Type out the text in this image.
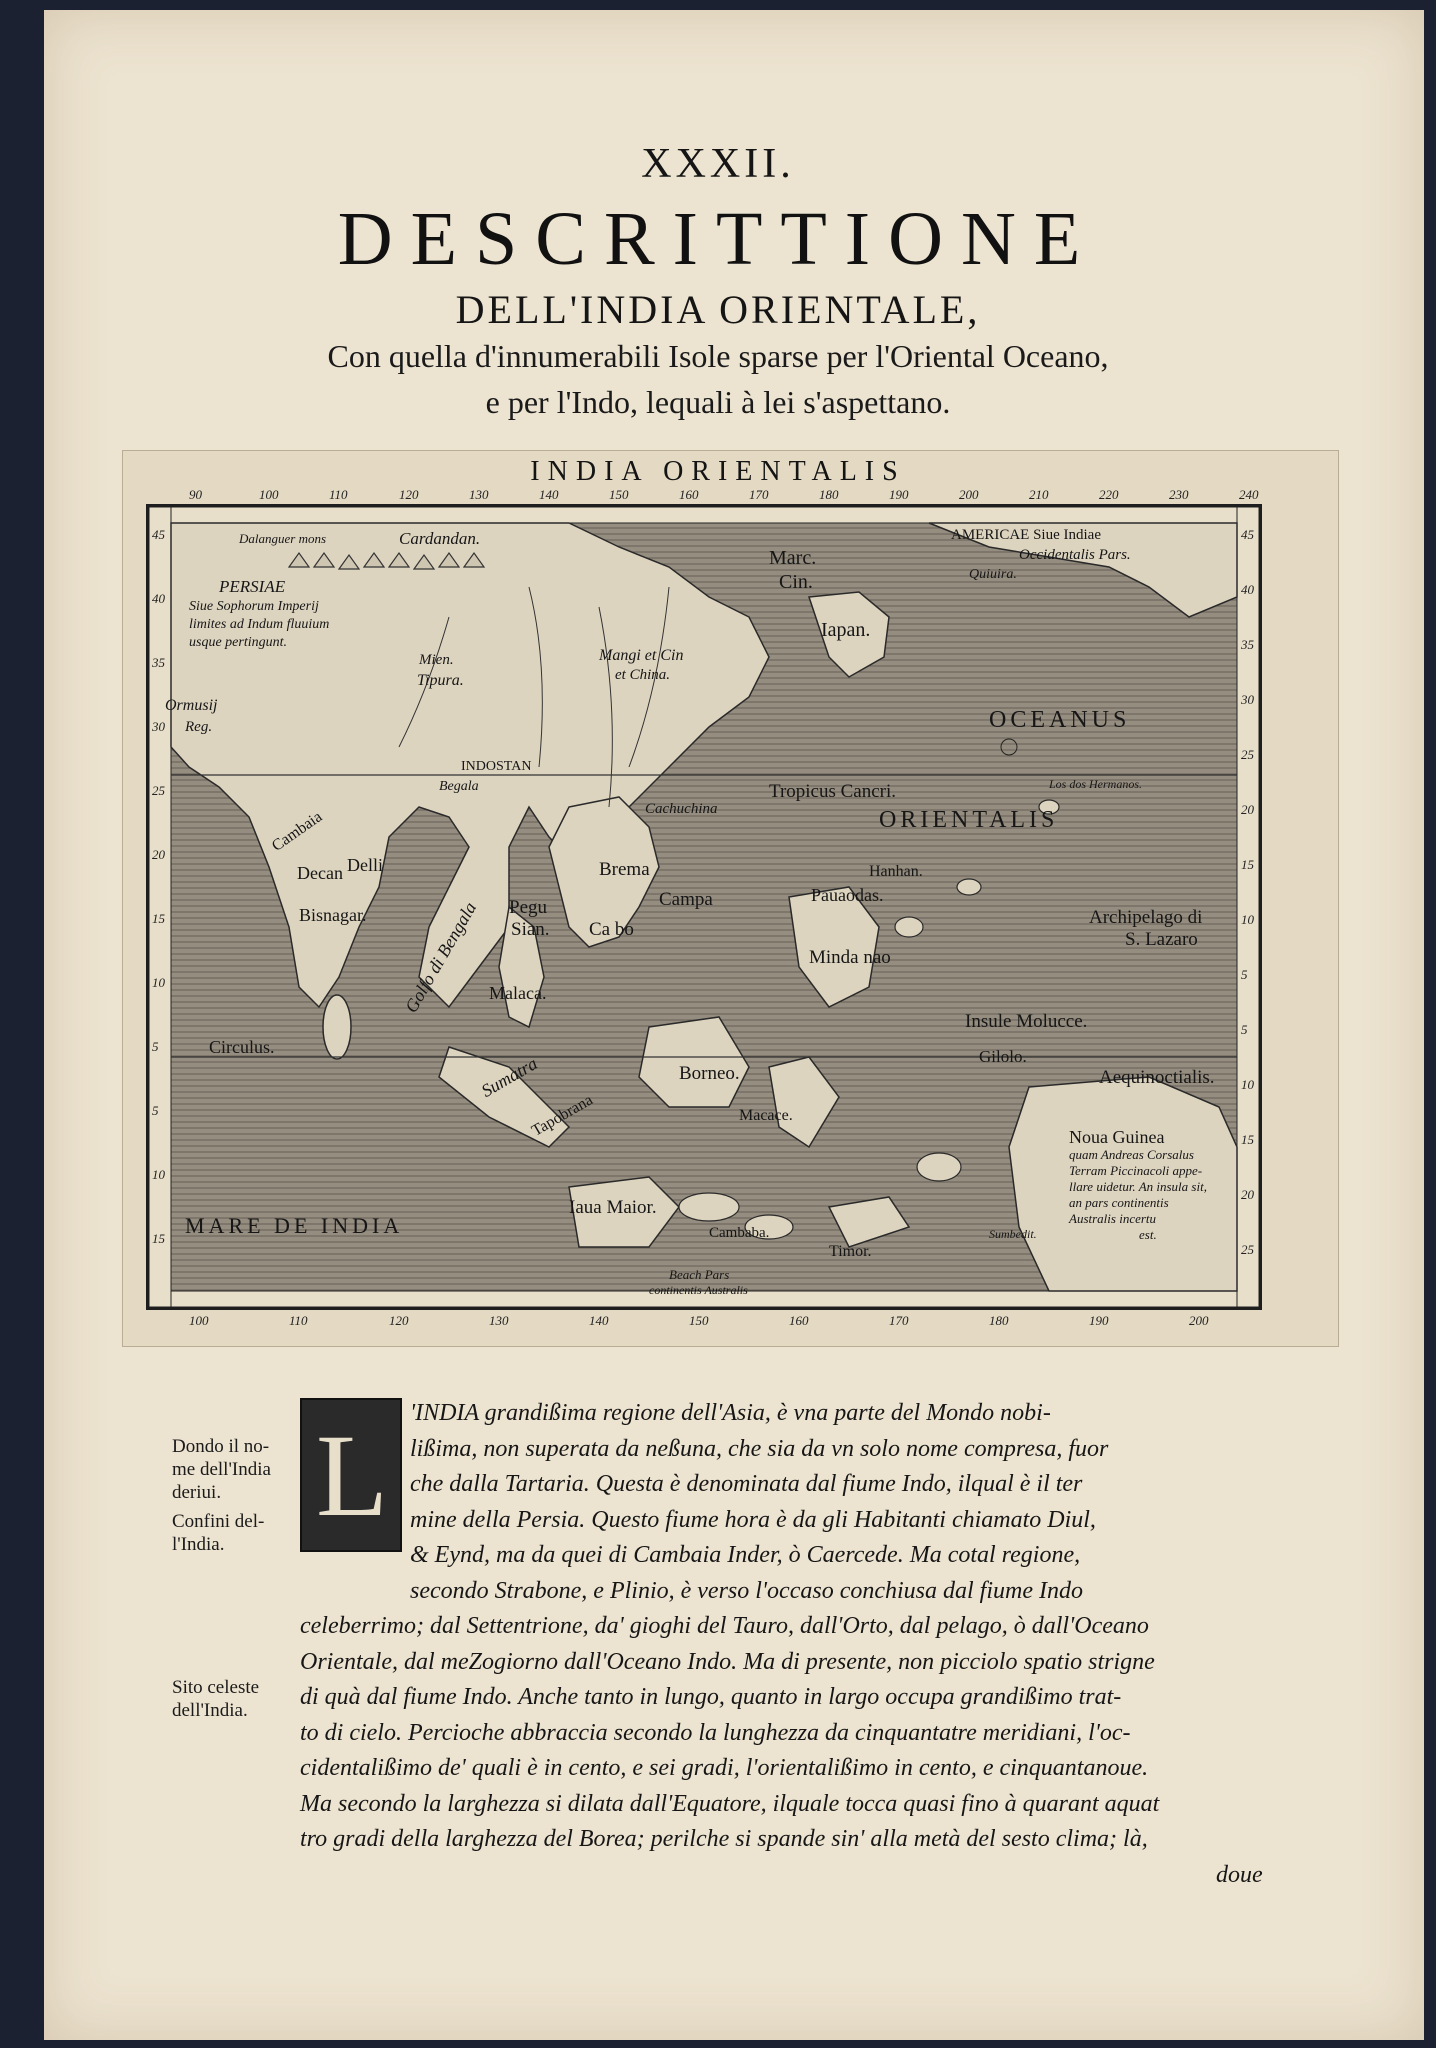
XXXII.
DESCRITTIONE
DELL'INDIA ORIENTALE,
Con quella d'innumerabili Isole sparse per l'Oriental Oceano,
e per l'Indo, lequali à lei s'aspettano.
INDIA ORIENTALIS
Dalanguer mons	Cardandan.
PERSIAE
Siue Sophorum Imperij
limites ad Indum fluuium
usque pertingunt.
Ormusij
Reg.
Tipura.
Mien.	Mangi et Cin
et China.
Marc.
Cin.
Iapan.
AMERICAE Siue Indiae
Occidentalis Pars.
Quiuira.
OCEANUS
ORIENTALIS
Tropicus Cancri.
INDOSTAN
Begala
Cachuchina
Brema
Campa
Ca bo
Pegu
Sian.
Delli
Decan
Bisnagar. Golfo di Bengala Malaca.
Sumatra
Circulus.
Borneo.
Minda nao
Insule Molucce.
Gilolo.
Aequinoctialis.
Archipelago di
S. Lazaro
Iaua Maior.
MARE DE INDIA
Noua Guinea
quam Andreas Corsalus
Terram Piccinacoli appe-
llare uidetur. An insula sit,
an pars continentis
Australis incertu
est.
Beach Pars
continentis Australis
Timor.
Macace.
Hanhan.
Pauaodas.
Cambaia
Tapobrana
Cambaba.
Los dos Hermanos.
Sumbedit.
90	100	110	120	130	140	150	160	170	180	190	200	210	220	230	240
100	110	120	130	140	150	160	170	180	190	200
45
40
35
30
25
20
15
10
5
5
10
15
45
40
35
30
25
20
15
10
5
5
10
15
20
25
Dondo il no-
me dell'India
deriui.
Confini del-
l'India.
Sito celeste
dell'India.
L 'INDIA grandißima regione dell'Asia, è vna parte del Mondo nobi-
lißima, non superata da neßuna, che sia da vn solo nome compresa, fuor
che dalla Tartaria. Questa è denominata dal fiume Indo, ilqual è il ter
mine della Persia. Questo fiume hora è da gli Habitanti chiamato Diul,
& Eynd, ma da quei di Cambaia Inder, ò Caercede. Ma cotal regione,
secondo Strabone, e Plinio, è verso l'occaso conchiusa dal fiume Indo
celeberrimo; dal Settentrione, da' gioghi del Tauro, dall'Orto, dal pelago, ò dall'Oceano
Orientale, dal meZogiorno dall'Oceano Indo. Ma di presente, non picciolo spatio strigne
di quà dal fiume Indo. Anche tanto in lungo, quanto in largo occupa grandißimo trat-
to di cielo. Percioche abbraccia secondo la lunghezza da cinquantatre meridiani, l'oc-
cidentalißimo de' quali è in cento, e sei gradi, l'orientalißimo in cento, e cinquantanoue.
Ma secondo la larghezza si dilata dall'Equatore, ilquale tocca quasi fino à quarant aquat
tro gradi della larghezza del Borea; perilche si spande sin' alla metà del sesto clima; là,
doue
